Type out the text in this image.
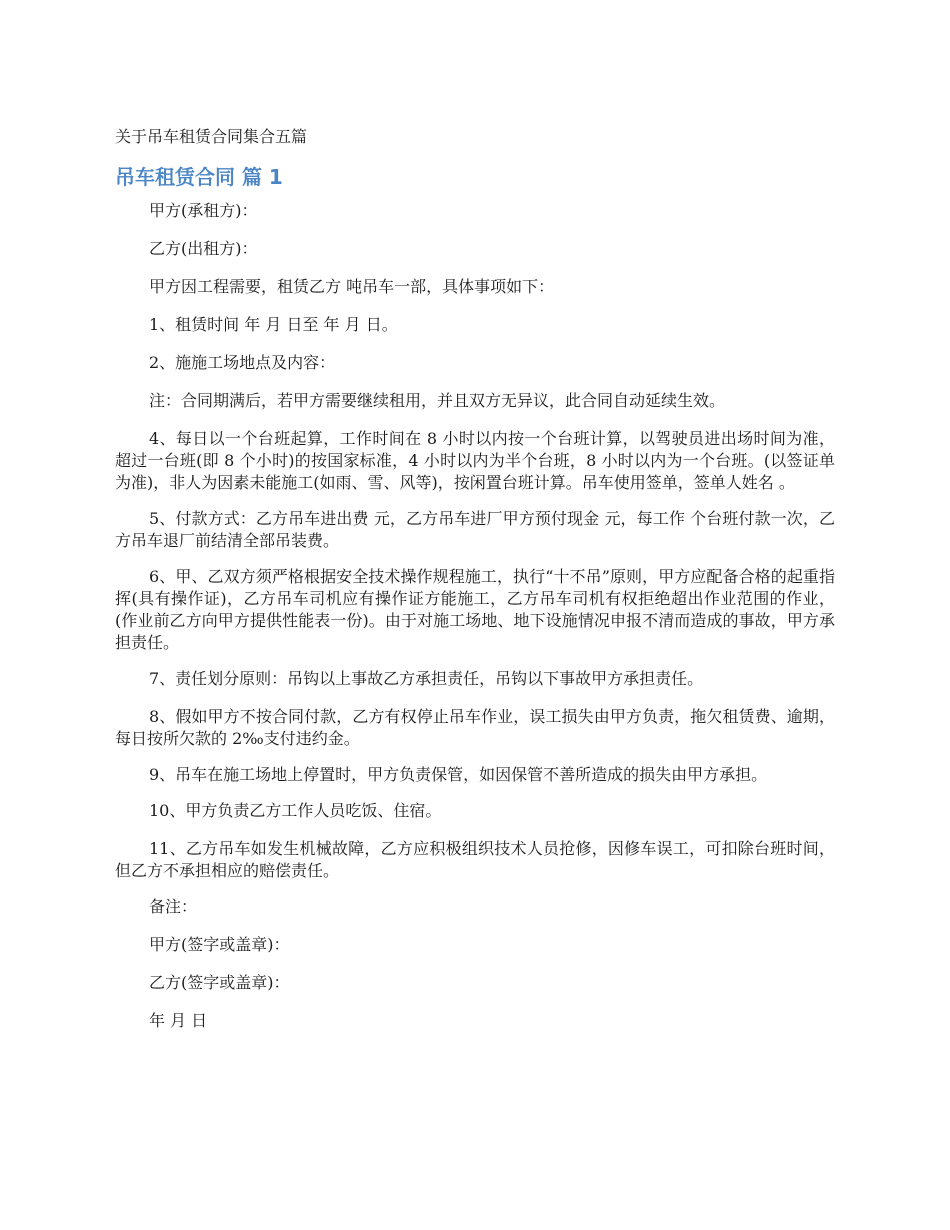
关于吊车租赁合同集合五篇
吊车租赁合同 篇 1

甲方(承租方)：

乙方(出租方)：

甲方因工程需要，租赁乙方 吨吊车一部，具体事项如下：

1、租赁时间 年 月 日至 年 月 日。

2、施施工场地点及内容：

注：合同期满后，若甲方需要继续租用，并且双方无异议，此合同自动延续生效。

4、每日以一个台班起算，工作时间在 8 小时以内按一个台班计算，以驾驶员进出场时间为准，超过一台班(即 8 个小时)的按国家标准，4 小时以内为半个台班，8 小时以内为一个台班。(以签证单为准)，非人为因素未能施工(如雨、雪、风等)，按闲置台班计算。吊车使用签单，签单人姓名 。

5、付款方式：乙方吊车进出费 元，乙方吊车进厂甲方预付现金 元，每工作 个台班付款一次，乙方吊车退厂前结清全部吊装费。

6、甲、乙双方须严格根据安全技术操作规程施工，执行“十不吊”原则，甲方应配备合格的起重指挥(具有操作证)，乙方吊车司机应有操作证方能施工，乙方吊车司机有权拒绝超出作业范围的作业，(作业前乙方向甲方提供性能表一份)。由于对施工场地、地下设施情况申报不清而造成的事故，甲方承担责任。

7、责任划分原则：吊钩以上事故乙方承担责任，吊钩以下事故甲方承担责任。

8、假如甲方不按合同付款，乙方有权停止吊车作业，误工损失由甲方负责，拖欠租赁费、逾期，每日按所欠款的 2‰支付违约金。

9、吊车在施工场地上停置时，甲方负责保管，如因保管不善所造成的损失由甲方承担。

10、甲方负责乙方工作人员吃饭、住宿。

11、乙方吊车如发生机械故障，乙方应积极组织技术人员抢修，因修车误工，可扣除台班时间，但乙方不承担相应的赔偿责任。

备注：

甲方(签字或盖章)：

乙方(签字或盖章)：

年 月 日
